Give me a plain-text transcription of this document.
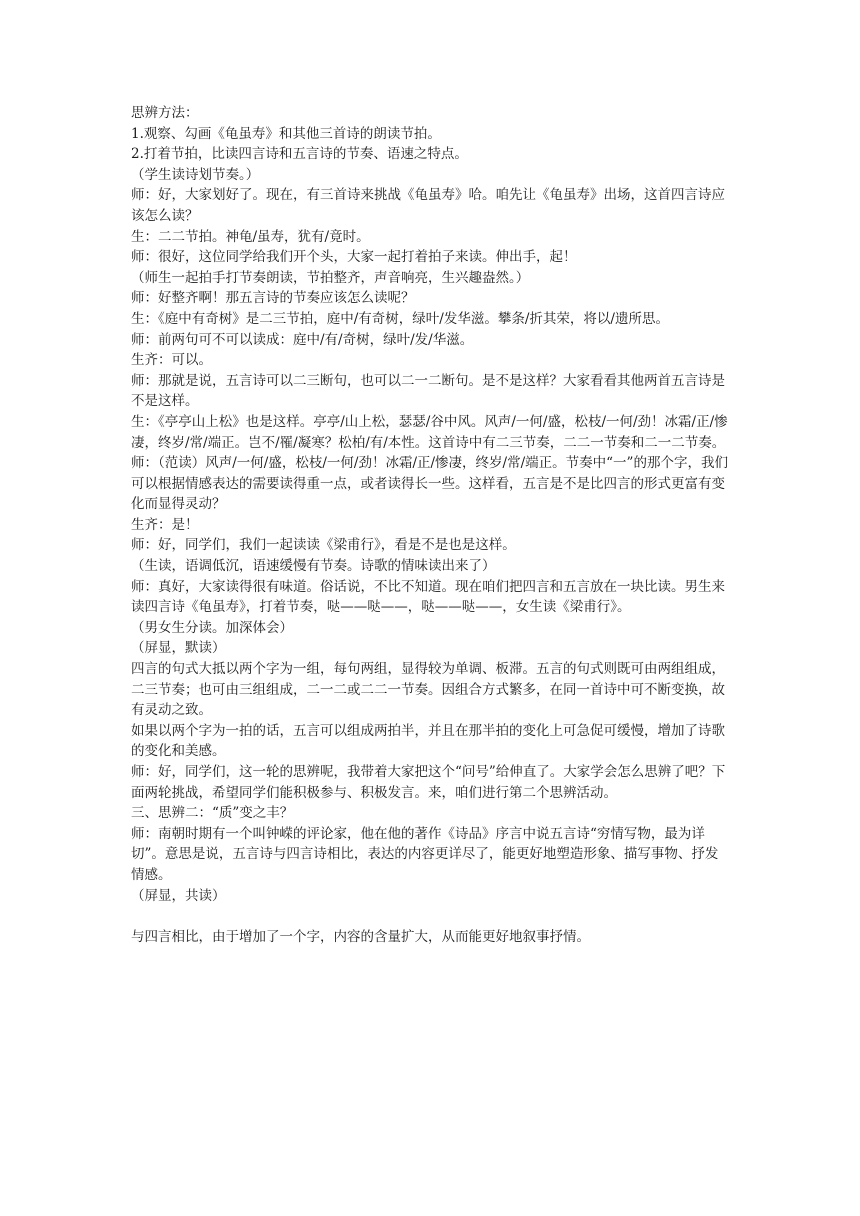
思辨方法：

1.观察、勾画《龟虽寿》和其他三首诗的朗读节拍。

2.打着节拍，比读四言诗和五言诗的节奏、语速之特点。

（学生读诗划节奏。）

师：好，大家划好了。现在，有三首诗来挑战《龟虽寿》哈。咱先让《龟虽寿》出场，这首四言诗应该怎么读？

生：二二节拍。神龟/虽寿，犹有/竟时。

师：很好，这位同学给我们开个头，大家一起打着拍子来读。伸出手，起！

（师生一起拍手打节奏朗读，节拍整齐，声音响亮，生兴趣盎然。）

师：好整齐啊！那五言诗的节奏应该怎么读呢？

生：《庭中有奇树》是二三节拍，庭中/有奇树，绿叶/发华滋。攀条/折其荣，将以/遗所思。

师：前两句可不可以读成：庭中/有/奇树，绿叶/发/华滋。

生齐：可以。

师：那就是说，五言诗可以二三断句，也可以二一二断句。是不是这样？大家看看其他两首五言诗是不是这样。

生：《亭亭山上松》也是这样。亭亭/山上松，瑟瑟/谷中风。风声/一何/盛，松枝/一何/劲！冰霜/正/惨凄，终岁/常/端正。岂不/罹/凝寒？松柏/有/本性。这首诗中有二三节奏，二二一节奏和二一二节奏。

师：（范读）风声/一何/盛，松枝/一何/劲！冰霜/正/惨凄，终岁/常/端正。节奏中“一”的那个字，我们可以根据情感表达的需要读得重一点，或者读得长一些。这样看，五言是不是比四言的形式更富有变化而显得灵动？

生齐：是！

师：好，同学们，我们一起读读《梁甫行》，看是不是也是这样。

（生读，语调低沉，语速缓慢有节奏。诗歌的情味读出来了）

师：真好，大家读得很有味道。俗话说，不比不知道。现在咱们把四言和五言放在一块比读。男生来读四言诗《龟虽寿》，打着节奏，哒——哒——，哒——哒——，女生读《梁甫行》。

（男女生分读。加深体会）

（屏显，默读）

四言的句式大抵以两个字为一组，每句两组，显得较为单调、板滞。五言的句式则既可由两组组成，二三节奏；也可由三组组成，二一二或二二一节奏。因组合方式繁多，在同一首诗中可不断变换，故有灵动之致。

如果以两个字为一拍的话，五言可以组成两拍半，并且在那半拍的变化上可急促可缓慢，增加了诗歌的变化和美感。

师：好，同学们，这一轮的思辨呢，我带着大家把这个“问号”给伸直了。大家学会怎么思辨了吧？下面两轮挑战，希望同学们能积极参与、积极发言。来，咱们进行第二个思辨活动。

三、思辨二：“质”变之丰？

师：南朝时期有一个叫钟嵘的评论家，他在他的著作《诗品》序言中说五言诗“穷情写物，最为详切”。意思是说，五言诗与四言诗相比，表达的内容更详尽了，能更好地塑造形象、描写事物、抒发情感。

（屏显，共读）

与四言相比，由于增加了一个字，内容的含量扩大，从而能更好地叙事抒情。
